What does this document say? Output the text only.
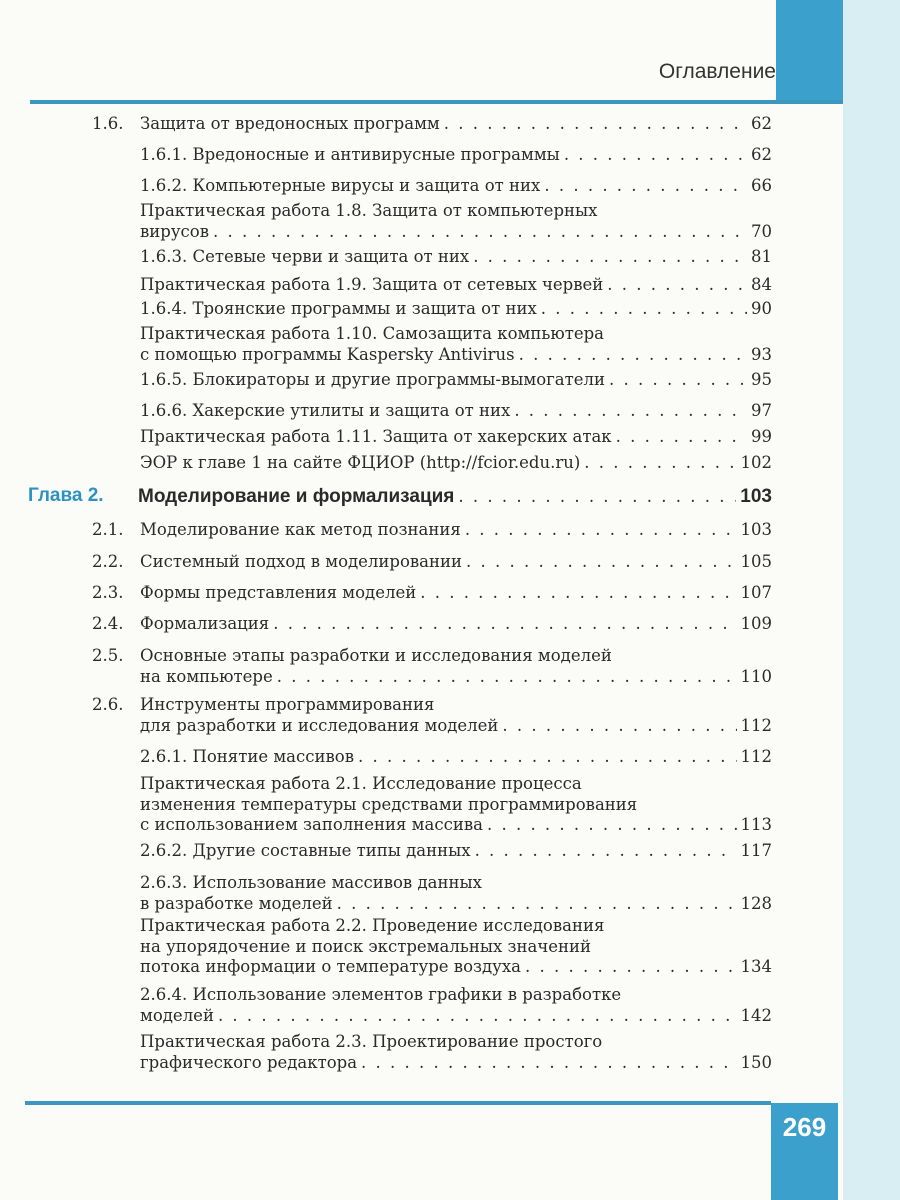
Оглавление
1.6. Защита от вредоносных программ . . .	62
1.6.1. Вредоносные и антивирусные программы . . .	62
1.6.2. Компьютерные вирусы и защита от них . . .	66
Практическая работа 1.8. Защита от компьютерных
вирусов . . .	70
1.6.3. Сетевые черви и защита от них . . .	81
Практическая работа 1.9. Защита от сетевых червей . . .	84
1.6.4. Троянские программы и защита от них . . .	90
Практическая работа 1.10. Самозащита компьютера
с помощью программы Kaspersky Antivirus . . .	93
1.6.5. Блокираторы и другие программы-вымогатели . . .	95
1.6.6. Хакерские утилиты и защита от них . . .	97
Практическая работа 1.11. Защита от хакерских атак . . .	99
ЭОР к главе 1 на сайте ФЦИОР (http://fcior.edu.ru) . . .	102
Глава 2. Моделирование и формализация . . .	103
2.1. Моделирование как метод познания . . .	103
2.2. Системный подход в моделировании . . .	105
2.3. Формы представления моделей . . .	107
2.4. Формализация . . .	109
2.5. Основные этапы разработки и исследования моделей
на компьютере . . .	110
2.6. Инструменты программирования
для разработки и исследования моделей . . .	112
2.6.1. Понятие массивов . . .	112
Практическая работа 2.1. Исследование процесса
изменения температуры средствами программирования
с использованием заполнения массива . . .	113
2.6.2. Другие составные типы данных . . .	117
2.6.3. Использование массивов данных
в разработке моделей . . .	128
Практическая работа 2.2. Проведение исследования
на упорядочение и поиск экстремальных значений
потока информации о температуре воздуха . . .	134
2.6.4. Использование элементов графики в разработке
моделей . . .	142
Практическая работа 2.3. Проектирование простого
графического редактора . . .	150
269
